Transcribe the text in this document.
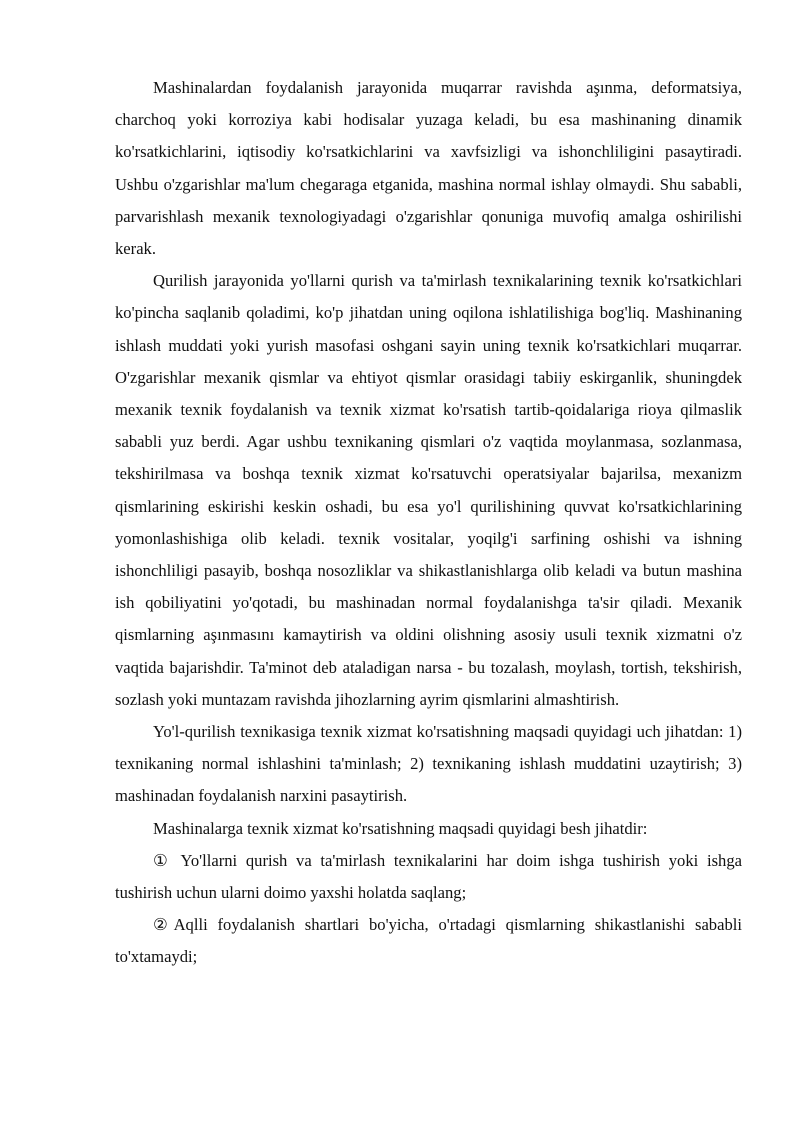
Mashinalardan foydalanish jarayonida muqarrar ravishda aşınma, deformatsiya, charchoq yoki korroziya kabi hodisalar yuzaga keladi, bu esa mashinaning dinamik ko'rsatkichlarini, iqtisodiy ko'rsatkichlarini va xavfsizligi va ishonchliligini pasaytiradi. Ushbu o'zgarishlar ma'lum chegaraga etganida, mashina normal ishlay olmaydi. Shu sababli, parvarishlash mexanik texnologiyadagi o'zgarishlar qonuniga muvofiq amalga oshirilishi kerak.

Qurilish jarayonida yo'llarni qurish va ta'mirlash texnikalarining texnik ko'rsatkichlari ko'pincha saqlanib qoladimi, ko'p jihatdan uning oqilona ishlatilishiga bog'liq. Mashinaning ishlash muddati yoki yurish masofasi oshgani sayin uning texnik ko'rsatkichlari muqarrar. O'zgarishlar mexanik qismlar va ehtiyot qismlar orasidagi tabiiy eskirganlik, shuningdek mexanik texnik foydalanish va texnik xizmat ko'rsatish tartib-qoidalariga rioya qilmaslik sababli yuz berdi. Agar ushbu texnikaning qismlari o'z vaqtida moylanmasa, sozlanmasa, tekshirilmasa va boshqa texnik xizmat ko'rsatuvchi operatsiyalar bajarilsa, mexanizm qismlarining eskirishi keskin oshadi, bu esa yo'l qurilishining quvvat ko'rsatkichlarining yomonlashishiga olib keladi. texnik vositalar, yoqilg'i sarfining oshishi va ishning ishonchliligi pasayib, boshqa nosozliklar va shikastlanishlarga olib keladi va butun mashina ish qobiliyatini yo'qotadi, bu mashinadan normal foydalanishga ta'sir qiladi. Mexanik qismlarning aşınmasını kamaytirish va oldini olishning asosiy usuli texnik xizmatni o'z vaqtida bajarishdir. Ta'minot deb ataladigan narsa - bu tozalash, moylash, tortish, tekshirish, sozlash yoki muntazam ravishda jihozlarning ayrim qismlarini almashtirish.

Yo'l-qurilish texnikasiga texnik xizmat ko'rsatishning maqsadi quyidagi uch jihatdan: 1) texnikaning normal ishlashini ta'minlash; 2) texnikaning ishlash muddatini uzaytirish; 3) mashinadan foydalanish narxini pasaytirish.

Mashinalarga texnik xizmat ko'rsatishning maqsadi quyidagi besh jihatdir:

① Yo'llarni qurish va ta'mirlash texnikalarini har doim ishga tushirish yoki ishga tushirish uchun ularni doimo yaxshi holatda saqlang;

②Aqlli foydalanish shartlari bo'yicha, o'rtadagi qismlarning shikastlanishi sababli to'xtamaydi;
